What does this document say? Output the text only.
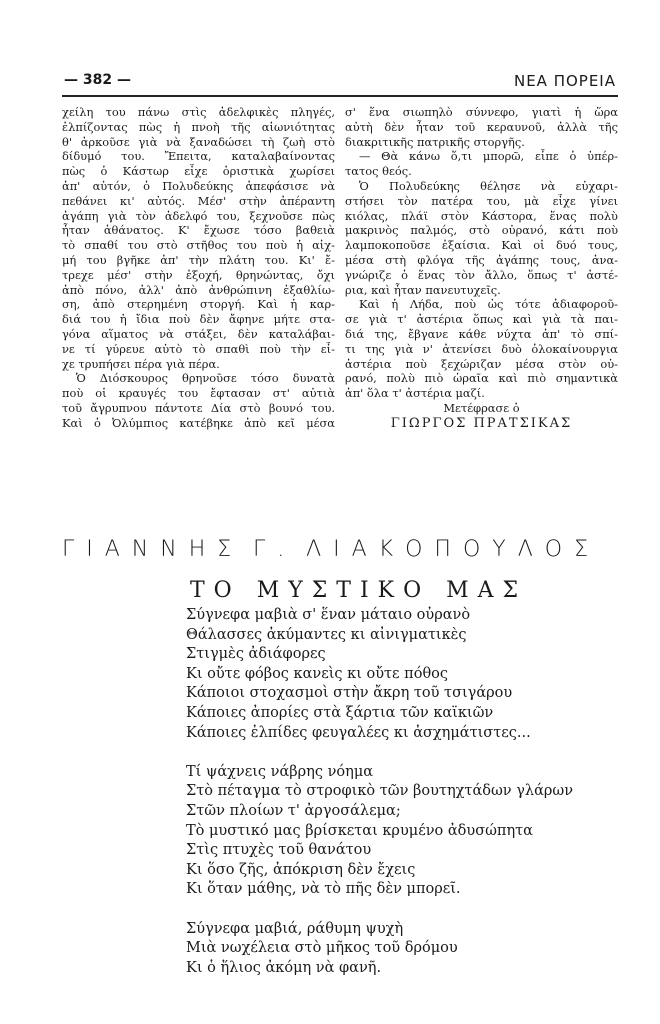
— 382 —	ΝΕΑ ΠΟΡΕΙΑ
χείλη του πάνω στὶς ἀδελφικὲς πληγές,
ἐλπίζοντας πὼς ἡ πνοὴ τῆς αἰωνιότητας
θ' ἀρκοῦσε γιὰ νὰ ξαναδώσει τὴ ζωὴ στὸ
δίδυμό του. Ἔπειτα, καταλαβαίνοντας
πὼς ὁ Κάστωρ εἶχε ὁριστικὰ χωρίσει
ἀπ' αὐτόν, ὁ Πολυδεύκης ἀπεφάσισε νὰ
πεθάνει κι' αὐτός. Μέσ' στὴν ἀπέραντη
ἀγάπη γιὰ τὸν ἀδελφό του, ξεχνοῦσε πὼς
ἦταν ἀθάνατος. Κ' ἔχωσε τόσο βαθειὰ
τὸ σπαθί του στὸ στῆθος του ποὺ ἡ αἰχ-
μή του βγῆκε ἀπ' τὴν πλάτη του. Κι' ἔ-
τρεχε μέσ' στὴν ἐξοχή, θρηνώντας, ὄχι
ἀπὸ πόνο, ἀλλ' ἀπὸ ἀνθρώπινη ἐξαθλίω-
ση, ἀπὸ στερημένη στοργή. Καὶ ἡ καρ-
διά του ἡ ἴδια ποὺ δὲν ἄφηνε μήτε στα-
γόνα αἵματος νὰ στάξει, δὲν καταλάβαι-
νε τί γύρευε αὐτὸ τὸ σπαθὶ ποὺ τὴν εἶ-
χε τρυπήσει πέρα γιὰ πέρα.
Ὁ Διόσκουρος θρηνοῦσε τόσο δυνατὰ
ποὺ οἱ κραυγές του ἔφτασαν στ' αὐτιὰ
τοῦ ἄγρυπνου πάντοτε Δία στὸ βουνό του.
Καὶ ὁ Ὀλύμπιος κατέβηκε ἀπὸ κεῖ μέσα
σ' ἕνα σιωπηλὸ σύννεφο, γιατὶ ἡ ὥρα
αὐτὴ δὲν ἦταν τοῦ κεραυνοῦ, ἀλλὰ τῆς
διακριτικῆς πατρικῆς στοργῆς.
— Θὰ κάνω ὅ,τι μπορῶ, εἶπε ὁ ὑπέρ-
τατος θεός.
Ὁ Πολυδεύκης θέλησε νὰ εὐχαρι-
στήσει τὸν πατέρα του, μὰ εἶχε γίνει
κιόλας, πλάϊ στὸν Κάστορα, ἕνας πολὺ
μακρινὸς παλμός, στὸ οὐρανό, κάτι ποὺ
λαμποκοποῦσε ἐξαίσια. Καὶ οἱ δυό τους,
μέσα στὴ φλόγα τῆς ἀγάπης τους, ἀνα-
γνώριζε ὁ ἕνας τὸν ἄλλο, ὅπως τ' ἀστέ-
ρια, καὶ ἦταν πανευτυχεῖς.
Καὶ ἡ Λήδα, ποὺ ὡς τότε ἀδιαφοροῦ-
σε γιὰ τ' ἀστέρια ὅπως καὶ γιὰ τὰ παι-
διά της, ἔβγανε κάθε νύχτα ἀπ' τὸ σπί-
τι της γιὰ ν' ἀτενίσει δυὸ ὁλοκαίνουργια
ἀστέρια ποὺ ξεχώριζαν μέσα στὸν οὐ-
ρανό, πολὺ πιὸ ὡραῖα καὶ πιὸ σημαντικὰ
ἀπ' ὅλα τ' ἀστέρια μαζί.
Μετέφρασε ὁ
ΓΙΩΡΓΟΣ ΠΡΑΤΣΙΚΑΣ
ΓΙΑΝΝΗΣ Γ. ΛΙΑΚΟΠΟΥΛΟΣ
ΤΟ ΜΥΣΤΙΚΟ ΜΑΣ
Σύγνεφα μαβιὰ σ' ἕναν μάταιο οὐρανὸ
Θάλασσες ἀκύμαντες κι αἰνιγματικὲς
Στιγμὲς ἀδιάφορες
Κι οὔτε φόβος κανεὶς κι οὔτε πόθος
Κάποιοι στοχασμοὶ στὴν ἄκρη τοῦ τσιγάρου
Κάποιες ἀπορίες στὰ ξάρτια τῶν καϊκιῶν
Κάποιες ἐλπίδες φευγαλέες κι ἀσχημάτιστες...
Τί ψάχνεις νάβρης νόημα
Στὸ πέταγμα τὸ στροφικὸ τῶν βουτηχτάδων γλάρων
Στῶν πλοίων τ' ἀργοσάλεμα;
Τὸ μυστικό μας βρίσκεται κρυμένο ἀδυσώπητα
Στὶς πτυχὲς τοῦ θανάτου
Κι ὅσο ζῆς, ἀπόκριση δὲν ἔχεις
Κι ὅταν μάθης, νὰ τὸ πῆς δὲν μπορεῖ.
Σύγνεφα μαβιά, ράθυμη ψυχὴ
Μιὰ νωχέλεια στὸ μῆκος τοῦ δρόμου
Κι ὁ ἥλιος ἀκόμη νὰ φανῆ.
